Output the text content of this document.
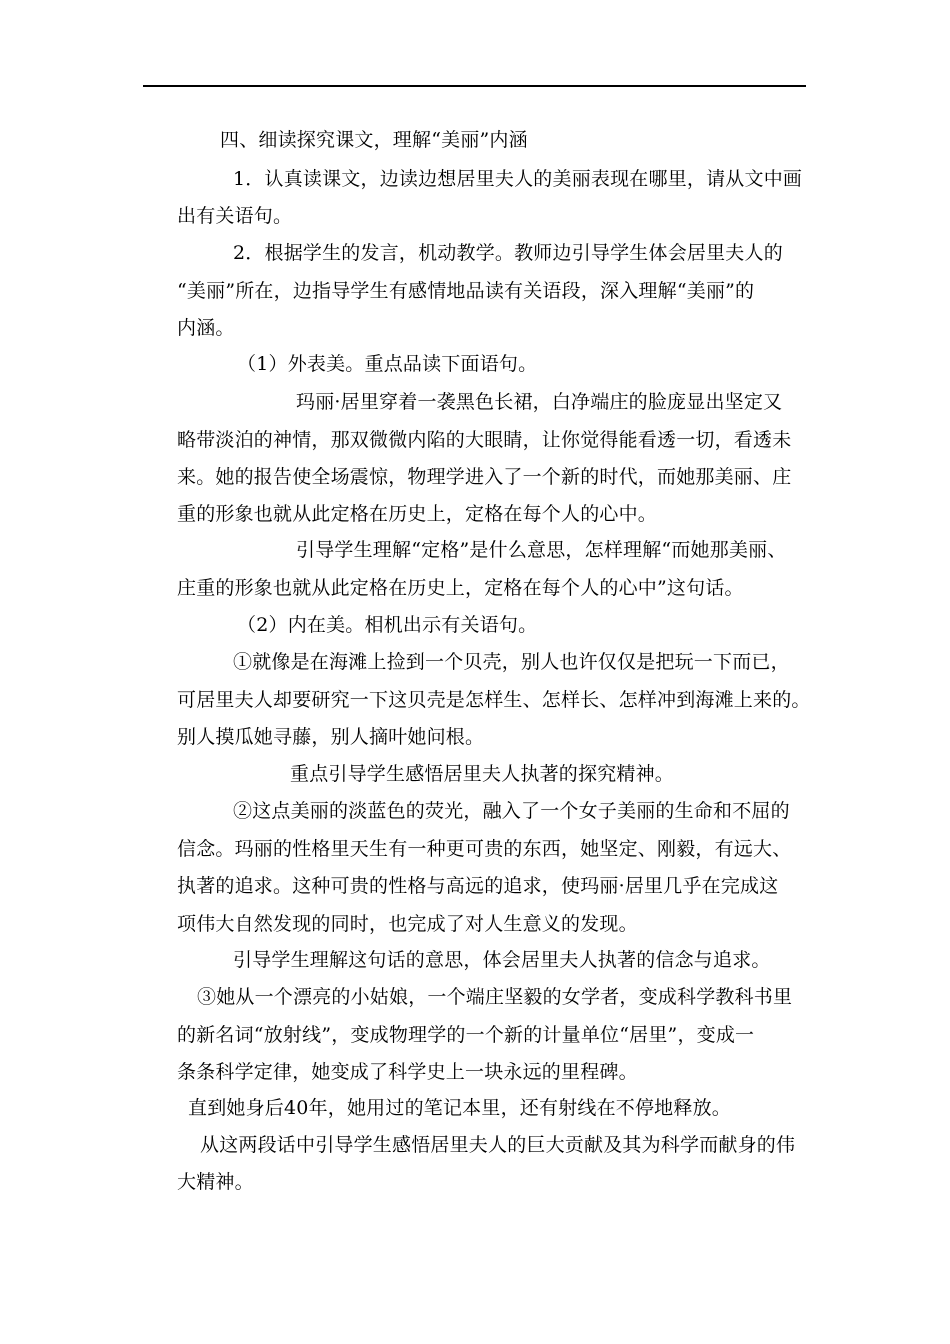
四、细读探究课文，理解“美丽”内涵
1．认真读课文，边读边想居里夫人的美丽表现在哪里，请从文中画
出有关语句。
2．根据学生的发言，机动教学。教师边引导学生体会居里夫人的
“美丽”所在，边指导学生有感情地品读有关语段，深入理解“美丽”的
内涵。
（1）外表美。重点品读下面语句。
玛丽·居里穿着一袭黑色长裙，白净端庄的脸庞显出坚定又
略带淡泊的神情，那双微微内陷的大眼睛，让你觉得能看透一切，看透未
来。她的报告使全场震惊，物理学进入了一个新的时代，而她那美丽、庄
重的形象也就从此定格在历史上，定格在每个人的心中。
引导学生理解“定格”是什么意思，怎样理解“而她那美丽、
庄重的形象也就从此定格在历史上，定格在每个人的心中”这句话。
（2）内在美。相机出示有关语句。
①就像是在海滩上捡到一个贝壳，别人也许仅仅是把玩一下而已，
可居里夫人却要研究一下这贝壳是怎样生、怎样长、怎样冲到海滩上来的。
别人摸瓜她寻藤，别人摘叶她问根。
重点引导学生感悟居里夫人执著的探究精神。
②这点美丽的淡蓝色的荧光，融入了一个女子美丽的生命和不屈的
信念。玛丽的性格里天生有一种更可贵的东西，她坚定、刚毅，有远大、
执著的追求。这种可贵的性格与高远的追求，使玛丽·居里几乎在完成这
项伟大自然发现的同时，也完成了对人生意义的发现。
引导学生理解这句话的意思，体会居里夫人执著的信念与追求。
③她从一个漂亮的小姑娘，一个端庄坚毅的女学者，变成科学教科书里
的新名词“放射线”，变成物理学的一个新的计量单位“居里”，变成一
条条科学定律，她变成了科学史上一块永远的里程碑。
直到她身后40年，她用过的笔记本里，还有射线在不停地释放。
从这两段话中引导学生感悟居里夫人的巨大贡献及其为科学而献身的伟
大精神。
